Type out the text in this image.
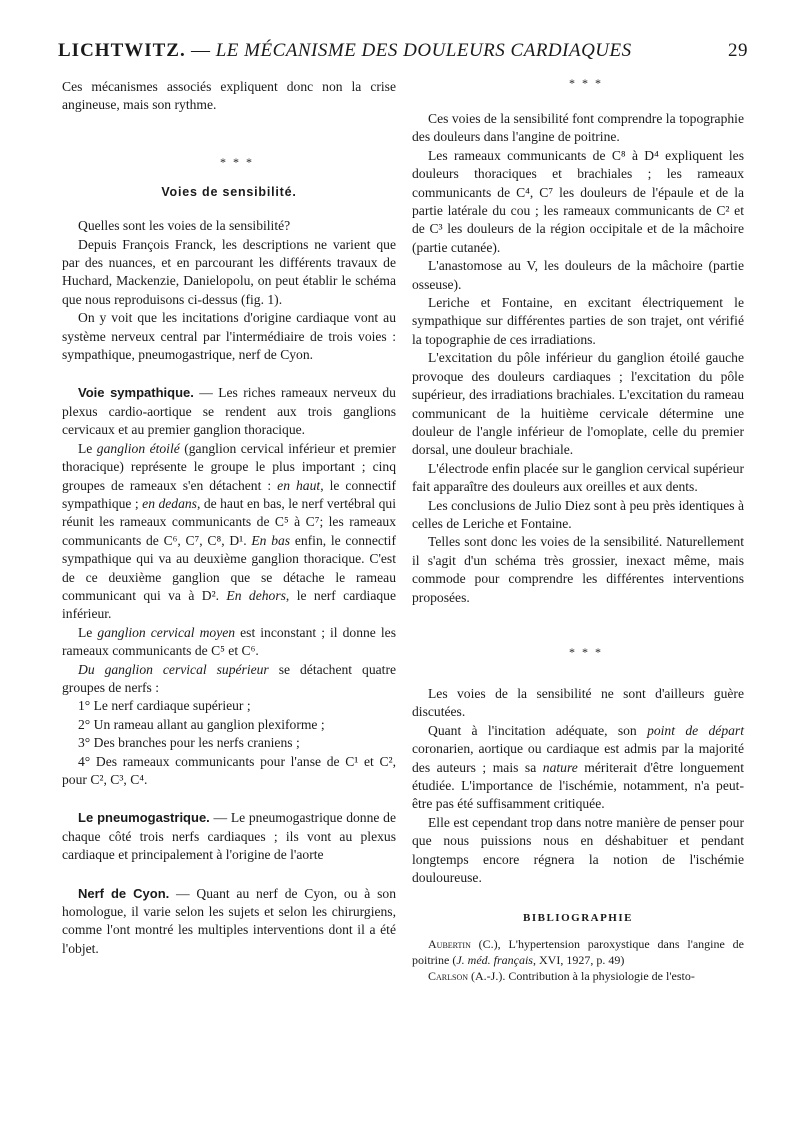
LICHTWITZ. — LE MÉCANISME DES DOULEURS CARDIAQUES	29

Ces mécanismes associés expliquent donc non la crise angineuse, mais son rythme.

* * *

Voies de sensibilité.

Quelles sont les voies de la sensibilité?

Depuis François Franck, les descriptions ne varient que par des nuances, et en parcourant les différents travaux de Huchard, Mackenzie, Danielopolu, on peut établir le schéma que nous reproduisons ci-dessus (fig. 1).

On y voit que les incitations d'origine cardiaque vont au système nerveux central par l'intermédiaire de trois voies : sympathique, pneumogastrique, nerf de Cyon.

Voie sympathique. — Les riches rameaux nerveux du plexus cardio-aortique se rendent aux trois ganglions cervicaux et au premier ganglion thoracique.

Le ganglion étoilé (ganglion cervical inférieur et premier thoracique) représente le groupe le plus important ; cinq groupes de rameaux s'en détachent : en haut, le connectif sympathique ; en dedans, de haut en bas, le nerf vertébral qui réunit les rameaux communicants de C⁵ à C⁷; les rameaux communicants de C⁶, C⁷, C⁸, D¹. En bas enfin, le connectif sympathique qui va au deuxième ganglion thoracique. C'est de ce deuxième ganglion que se détache le rameau communicant qui va à D². En dehors, le nerf cardiaque inférieur.

Le ganglion cervical moyen est inconstant ; il donne les rameaux communicants de C⁵ et C⁶.

Du ganglion cervical supérieur se détachent quatre groupes de nerfs :

1° Le nerf cardiaque supérieur ;

2° Un rameau allant au ganglion plexiforme ;

3° Des branches pour les nerfs craniens ;

4° Des rameaux communicants pour l'anse de C¹ et C², pour C², C³, C⁴.

Le pneumogastrique. — Le pneumogastrique donne de chaque côté trois nerfs cardiaques ; ils vont au plexus cardiaque et principalement à l'origine de l'aorte

Nerf de Cyon. — Quant au nerf de Cyon, ou à son homologue, il varie selon les sujets et selon les chirurgiens, comme l'ont montré les multiples interventions dont il a été l'objet.

* * *

Ces voies de la sensibilité font comprendre la topographie des douleurs dans l'angine de poitrine.

Les rameaux communicants de C⁸ à D⁴ expliquent les douleurs thoraciques et brachiales ; les rameaux communicants de C⁴, C⁷ les douleurs de l'épaule et de la partie latérale du cou ; les rameaux communicants de C² et de C³ les douleurs de la région occipitale et de la mâchoire (partie cutanée).

L'anastomose au V, les douleurs de la mâchoire (partie osseuse).

Leriche et Fontaine, en excitant électriquement le sympathique sur différentes parties de son trajet, ont vérifié la topographie de ces irradiations.

L'excitation du pôle inférieur du ganglion étoilé gauche provoque des douleurs cardiaques ; l'excitation du pôle supérieur, des irradiations brachiales. L'excitation du rameau communicant de la huitième cervicale détermine une douleur de l'angle inférieur de l'omoplate, celle du premier dorsal, une douleur brachiale.

L'électrode enfin placée sur le ganglion cervical supérieur fait apparaître des douleurs aux oreilles et aux dents.

Les conclusions de Julio Diez sont à peu près identiques à celles de Leriche et Fontaine.

Telles sont donc les voies de la sensibilité. Naturellement il s'agit d'un schéma très grossier, inexact même, mais commode pour comprendre les différentes interventions proposées.

* * *

Les voies de la sensibilité ne sont d'ailleurs guère discutées.

Quant à l'incitation adéquate, son point de départ coronarien, aortique ou cardiaque est admis par la majorité des auteurs ; mais sa nature mériterait d'être longuement étudiée. L'importance de l'ischémie, notamment, n'a peut-être pas été suffisamment critiquée.

Elle est cependant trop dans notre manière de penser pour que nous puissions nous en déshabituer et pendant longtemps encore régnera la notion de l'ischémie douloureuse.

BIBLIOGRAPHIE

Aubertin (C.), L'hypertension paroxystique dans l'angine de poitrine (J. méd. français, XVI, 1927, p. 49)

Carlson (A.-J.). Contribution à la physiologie de l'esto-
